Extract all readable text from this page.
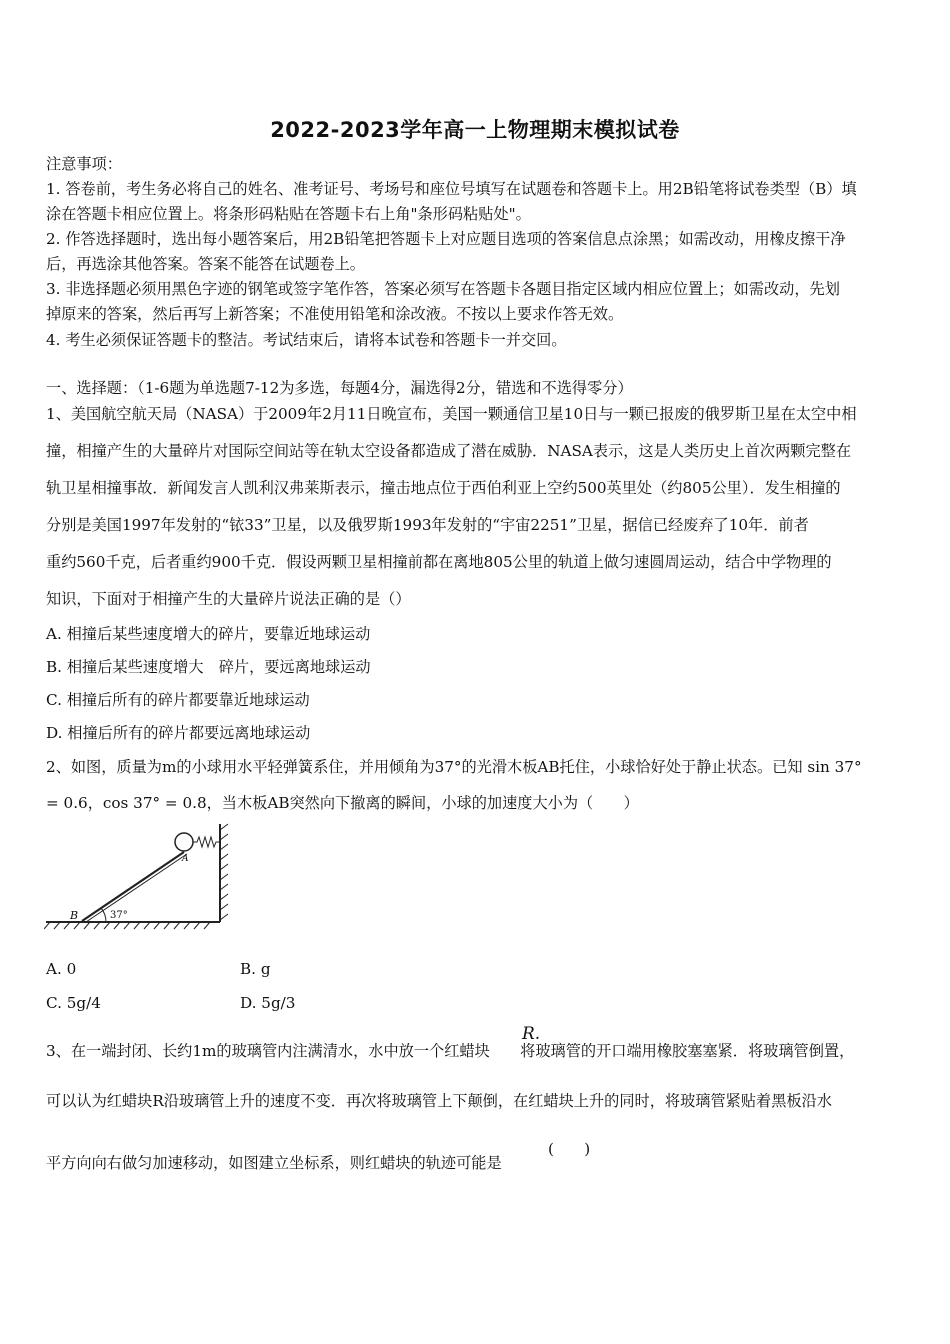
2022-2023学年高一上物理期末模拟试卷
注意事项：
1. 答卷前，考生务必将自己的姓名、准考证号、考场号和座位号填写在试题卷和答题卡上。用2B铅笔将试卷类型（B）填
涂在答题卡相应位置上。将条形码粘贴在答题卡右上角"条形码粘贴处"。
2. 作答选择题时，选出每小题答案后，用2B铅笔把答题卡上对应题目选项的答案信息点涂黑；如需改动，用橡皮擦干净
后，再选涂其他答案。答案不能答在试题卷上。
3. 非选择题必须用黑色字迹的钢笔或签字笔作答，答案必须写在答题卡各题目指定区域内相应位置上；如需改动，先划
掉原来的答案，然后再写上新答案；不准使用铅笔和涂改液。不按以上要求作答无效。
4. 考生必须保证答题卡的整洁。考试结束后，请将本试卷和答题卡一并交回。
一、选择题：（1-6题为单选题7-12为多选，每题4分，漏选得2分，错选和不选得零分）
1、美国航空航天局（NASA）于2009年2月11日晚宣布，美国一颗通信卫星10日与一颗已报废的俄罗斯卫星在太空中相
撞，相撞产生的大量碎片对国际空间站等在轨太空设备都造成了潜在威胁．NASA表示，这是人类历史上首次两颗完整在
轨卫星相撞事故．新闻发言人凯利汉弗莱斯表示，撞击地点位于西伯利亚上空约500英里处（约805公里）．发生相撞的
分别是美国1997年发射的“铱33”卫星，以及俄罗斯1993年发射的“宇宙2251”卫星，据信已经废弃了10年．前者
重约560千克，后者重约900千克．假设两颗卫星相撞前都在离地805公里的轨道上做匀速圆周运动，结合中学物理的
知识，下面对于相撞产生的大量碎片说法正确的是（）
A. 相撞后某些速度增大的碎片，要靠近地球运动
B. 相撞后某些速度增大　碎片，要远离地球运动
C. 相撞后所有的碎片都要靠近地球运动
D. 相撞后所有的碎片都要远离地球运动
2、如图，质量为m的小球用水平轻弹簧系住，并用倾角为37°的光滑木板AB托住，小球恰好处于静止状态。已知 sin 37°
= 0.6，cos 37° = 0.8，当木板AB突然向下撤离的瞬间，小球的加速度大小为（　　）
37°
B
A
A. 0	B. g
C. 5g/4	D. 5g/3
R.
3、在一端封闭、长约1m的玻璃管内注满清水，水中放一个红蜡块　　将玻璃管的开口端用橡胶塞塞紧．将玻璃管倒置，
可以认为红蜡块R沿玻璃管上升的速度不变．再次将玻璃管上下颠倒，在红蜡块上升的同时，将玻璃管紧贴着黑板沿水
平方向向右做匀加速移动，如图建立坐标系，则红蜡块的轨迹可能是
(　　)
